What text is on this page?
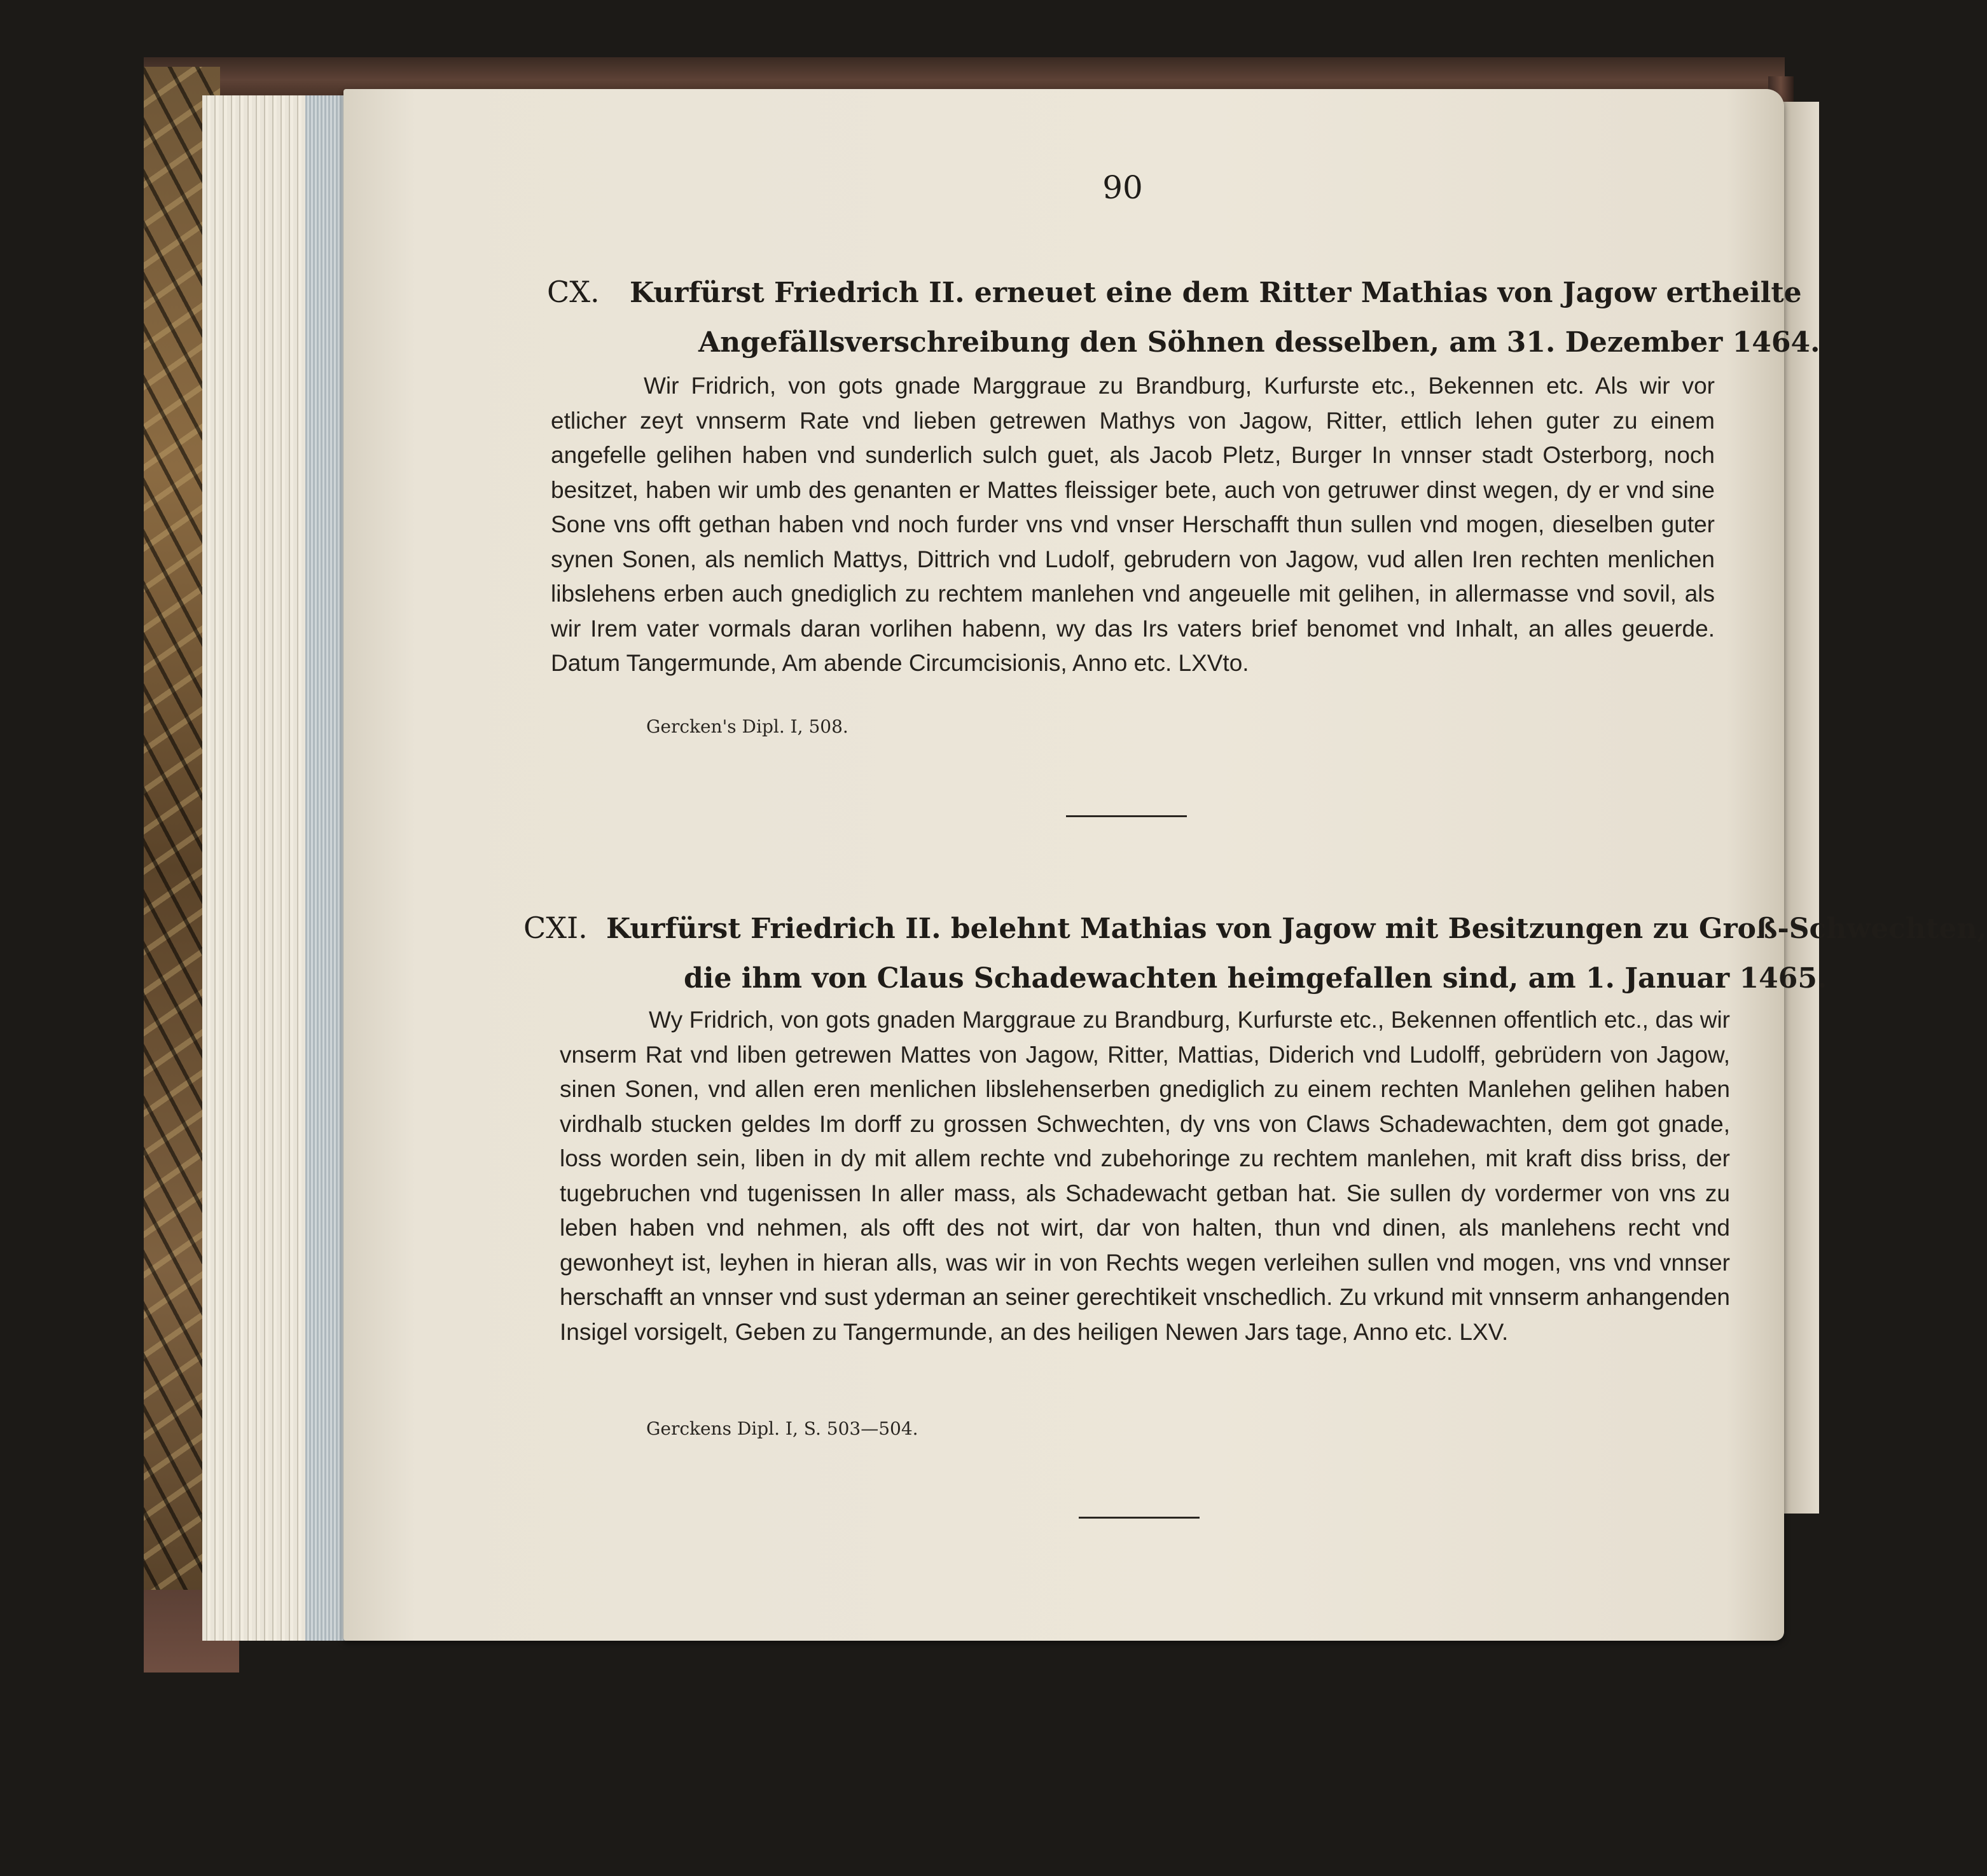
90
CX. Kurfürst Friedrich II. erneuet eine dem Ritter Mathias von Jagow ertheilte
Angefällsverschreibung den Söhnen desselben, am 31. Dezember 1464.
Wir Fridrich, von gots gnade Marggraue zu Brandburg, Kurfurste etc., Bekennen etc. Als wir vor etlicher zeyt vnnserm Rate vnd lieben getrewen Mathys von Jagow, Ritter, ettlich lehen guter zu einem angefelle gelihen haben vnd sunderlich sulch guet, als Jacob Pletz, Burger In vnnser stadt Osterborg, noch besitzet, haben wir umb des genanten er Mattes fleissiger bete, auch von getruwer dinst wegen, dy er vnd sine Sone vns offt gethan haben vnd noch furder vns vnd vnser Herschafft thun sullen vnd mogen, dieselben guter synen Sonen, als nemlich Mattys, Dittrich vnd Ludolf, gebrudern von Jagow, vud allen Iren rechten menlichen libslehens erben auch gnediglich zu rechtem manlehen vnd angeuelle mit gelihen, in allermasse vnd sovil, als wir Irem vater vormals daran vorlihen habenn, wy das Irs vaters brief benomet vnd Inhalt, an alles geuerde. Datum Tangermunde, Am abende Circumcisionis, Anno etc. LXVto.
Gercken's Dipl. I, 508.
CXI. Kurfürst Friedrich II. belehnt Mathias von Jagow mit Besitzungen zu Groß-Schwechten,
die ihm von Claus Schadewachten heimgefallen sind, am 1. Januar 1465.
Wy Fridrich, von gots gnaden Marggraue zu Brandburg, Kurfurste etc., Bekennen offentlich etc., das wir vnserm Rat vnd liben getrewen Mattes von Jagow, Ritter, Mattias, Diderich vnd Ludolff, gebrüdern von Jagow, sinen Sonen, vnd allen eren menlichen libslehenserben gnediglich zu einem rechten Manlehen gelihen haben virdhalb stucken geldes Im dorff zu grossen Schwechten, dy vns von Claws Schadewachten, dem got gnade, loss worden sein, liben in dy mit allem rechte vnd zubehoringe zu rechtem manlehen, mit kraft diss briss, der tugebruchen vnd tugenissen In aller mass, als Schadewacht getban hat. Sie sullen dy vordermer von vns zu leben haben vnd nehmen, als offt des not wirt, dar von halten, thun vnd dinen, als manlehens recht vnd gewonheyt ist, leyhen in hieran alls, was wir in von Rechts wegen verleihen sullen vnd mogen, vns vnd vnnser herschafft an vnnser vnd sust yderman an seiner gerechtikeit vnschedlich. Zu vrkund mit vnnserm anhangenden Insigel vorsigelt, Geben zu Tangermunde, an des heiligen Newen Jars tage, Anno etc. LXV.
Gerckens Dipl. I, S. 503—504.
